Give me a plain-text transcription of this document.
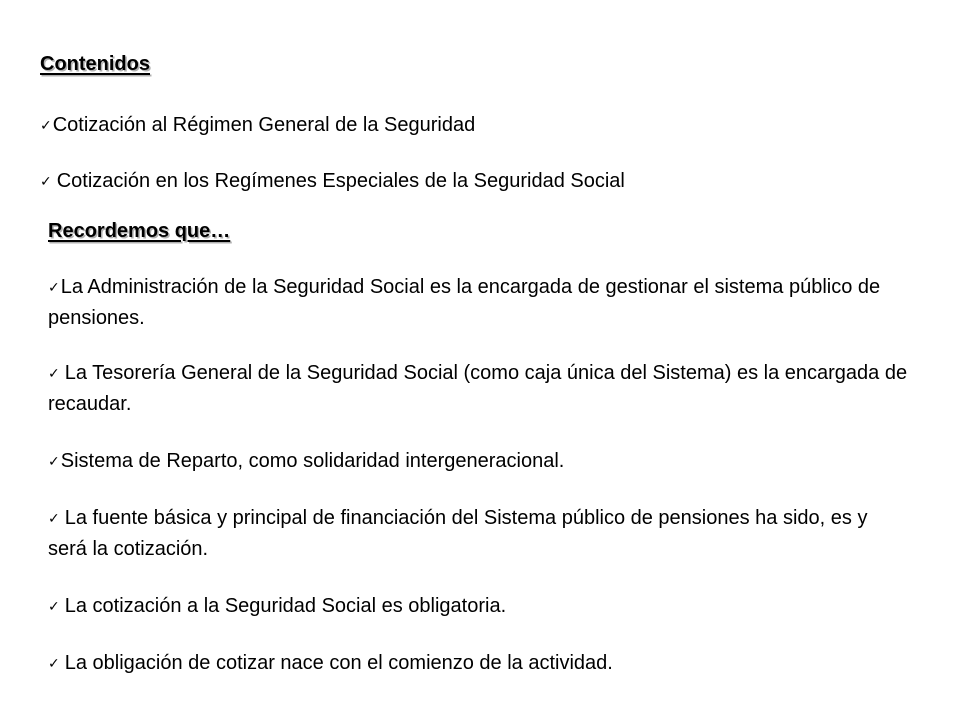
Contenidos

✓Cotización al Régimen General de la Seguridad

✓ Cotización en los Regímenes Especiales de la Seguridad Social

Recordemos que…

✓La Administración de la Seguridad Social es la encargada de gestionar el sistema público de pensiones.

✓ La Tesorería General de la Seguridad Social (como caja única del Sistema) es la encargada de recaudar.

✓Sistema de Reparto, como solidaridad intergeneracional.

✓ La fuente básica y principal de financiación del Sistema público de pensiones ha sido, es y será la cotización.

✓ La cotización a la Seguridad Social es obligatoria.

✓ La obligación de cotizar nace con el comienzo de la actividad.
